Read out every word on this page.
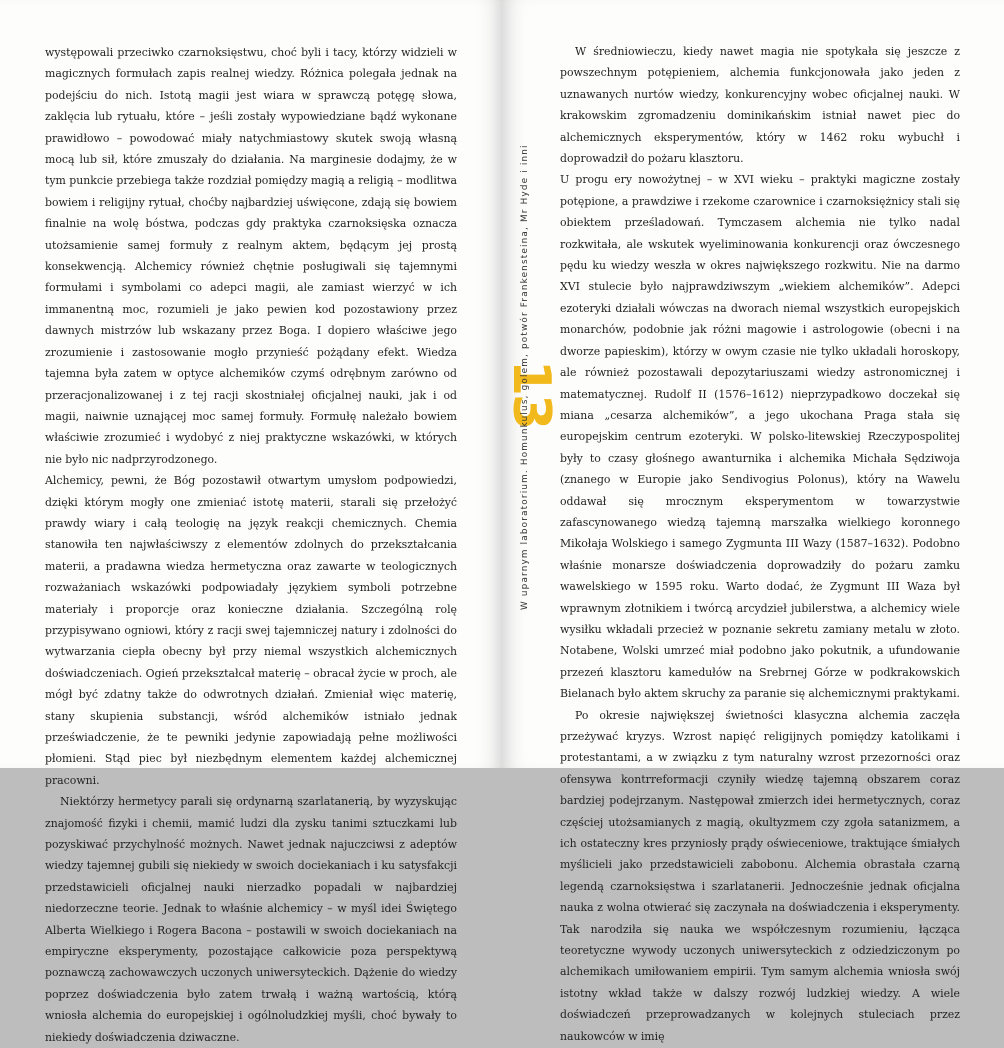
występowali przeciwko czarnoksięstwu, choć byli i tacy, którzy widzieli w magicznych formułach zapis realnej wiedzy. Różnica polegała jednak na podejściu do nich. Istotą magii jest wiara w sprawczą potęgę słowa, zaklęcia lub rytuału, które – jeśli zostały wypowiedziane bądź wykonane prawidłowo – powodować miały natychmiastowy skutek swoją własną mocą lub sił, które zmuszały do działania. Na marginesie dodajmy, że w tym punkcie przebiega także rozdział pomiędzy magią a religią – modlitwa bowiem i religijny rytuał, choćby najbardziej uświęcone, zdają się bowiem finalnie na wolę bóstwa, podczas gdy praktyka czarnoksięska oznacza utożsamienie samej formuły z realnym aktem, będącym jej prostą konsekwencją. Alchemicy również chętnie posługiwali się tajemnymi formułami i symbolami co adepci magii, ale zamiast wierzyć w ich immanentną moc, rozumieli je jako pewien kod pozostawiony przez dawnych mistrzów lub wskazany przez Boga. I dopiero właściwe jego zrozumienie i zastosowanie mogło przynieść pożądany efekt. Wiedza tajemna była zatem w optyce alchemików czymś odrębnym zarówno od przeracjonalizowanej i z tej racji skostniałej oficjalnej nauki, jak i od magii, naiwnie uznającej moc samej formuły. Formułę należało bowiem właściwie zrozumieć i wydobyć z niej praktyczne wskazówki, w których nie było nic nadprzyrodzonego.

Alchemicy, pewni, że Bóg pozostawił otwartym umysłom podpowiedzi, dzięki którym mogły one zmieniać istotę materii, starali się przełożyć prawdy wiary i całą teologię na język reakcji chemicznych. Chemia stanowiła ten najwłaściwszy z elementów zdolnych do przekształcania materii, a pradawna wiedza hermetyczna oraz zawarte w teologicznych rozważaniach wskazówki podpowiadały językiem symboli potrzebne materiały i proporcje oraz konieczne działania. Szczególną rolę przypisywano ogniowi, który z racji swej tajemniczej natury i zdolności do wytwarzania ciepła obecny był przy niemal wszystkich alchemicznych doświadczeniach. Ogień przekształcał materię – obracał życie w proch, ale mógł być zdatny także do odwrotnych działań. Zmieniał więc materię, stany skupienia substancji, wśród alchemików istniało jednak przeświadczenie, że te pewniki jedynie zapowiadają pełne możliwości płomieni. Stąd piec był niezbędnym elementem każdej alchemicznej pracowni.

Niektórzy hermetycy parali się ordynarną szarlatanerią, by wyzyskując znajomość fizyki i chemii, mamić ludzi dla zysku tanimi sztuczkami lub pozyskiwać przychylność możnych. Nawet jednak najuczciwsi z adeptów wiedzy tajemnej gubili się niekiedy w swoich dociekaniach i ku satysfakcji przedstawicieli oficjalnej nauki nierzadko popadali w najbardziej niedorzeczne teorie. Jednak to właśnie alchemicy – w myśl idei Świętego Alberta Wielkiego i Rogera Bacona – postawili w swoich dociekaniach na empiryczne eksperymenty, pozostające całkowicie poza perspektywą poznawczą zachowawczych uczonych uniwersyteckich. Dążenie do wiedzy poprzez doświadczenia było zatem trwałą i ważną wartością, którą wniosła alchemia do europejskiej i ogólnoludzkiej myśli, choć bywały to niekiedy doświadczenia dziwaczne.

W średniowieczu, kiedy nawet magia nie spotykała się jeszcze z powszechnym potępieniem, alchemia funkcjonowała jako jeden z uznawanych nurtów wiedzy, konkurencyjny wobec oficjalnej nauki. W krakowskim zgromadzeniu dominikańskim istniał nawet piec do alchemicznych eksperymentów, który w 1462 roku wybuchł i doprowadził do pożaru klasztoru.

U progu ery nowożytnej – w XVI wieku – praktyki magiczne zostały potępione, a prawdziwe i rzekome czarownice i czarnoksiężnicy stali się obiektem prześladowań. Tymczasem alchemia nie tylko nadal rozkwitała, ale wskutek wyeliminowania konkurencji oraz ówczesnego pędu ku wiedzy weszła w okres największego rozkwitu. Nie na darmo XVI stulecie było najprawdziwszym „wiekiem alchemików”. Adepci ezoteryki działali wówczas na dworach niemal wszystkich europejskich monarchów, podobnie jak różni magowie i astrologowie (obecni i na dworze papieskim), którzy w owym czasie nie tylko układali horoskopy, ale również pozostawali depozytariuszami wiedzy astronomicznej i matematycznej. Rudolf II (1576–1612) nieprzypadkowo doczekał się miana „cesarza alchemików”, a jego ukochana Praga stała się europejskim centrum ezoteryki. W polsko-litewskiej Rzeczypospolitej były to czasy głośnego awanturnika i alchemika Michała Sędziwoja (znanego w Europie jako Sendivogius Polonus), który na Wawelu oddawał się mrocznym eksperymentom w towarzystwie zafascynowanego wiedzą tajemną marszałka wielkiego koronnego Mikołaja Wolskiego i samego Zygmunta III Wazy (1587–1632). Podobno właśnie monarsze doświadczenia doprowadziły do pożaru zamku wawelskiego w 1595 roku. Warto dodać, że Zygmunt III Waza był wprawnym złotnikiem i twórcą arcydzieł jubilerstwa, a alchemicy wiele wysiłku wkładali przecież w poznanie sekretu zamiany metalu w złoto. Notabene, Wolski umrzeć miał podobno jako pokutnik, a ufundowanie przezeń klasztoru kamedułów na Srebrnej Górze w podkrakowskich Bielanach było aktem skruchy za paranie się alchemicznymi praktykami.

Po okresie największej świetności klasyczna alchemia zaczęła przeżywać kryzys. Wzrost napięć religijnych pomiędzy katolikami i protestantami, a w związku z tym naturalny wzrost przezorności oraz ofensywa kontrreformacji czyniły wiedzę tajemną obszarem coraz bardziej podejrzanym. Następował zmierzch idei hermetycznych, coraz częściej utożsamianych z magią, okultyzmem czy zgoła satanizmem, a ich ostateczny kres przyniosły prądy oświeceniowe, traktujące śmiałych myślicieli jako przedstawicieli zabobonu. Alchemia obrastała czarną legendą czarnoksięstwa i szarlatanerii. Jednocześnie jednak oficjalna nauka z wolna otwierać się zaczynała na doświadczenia i eksperymenty. Tak narodziła się nauka we współczesnym rozumieniu, łącząca teoretyczne wywody uczonych uniwersyteckich z odziedziczonym po alchemikach umiłowaniem empirii. Tym samym alchemia wniosła swój istotny wkład także w dalszy rozwój ludzkiej wiedzy. A wiele doświadczeń przeprowadzanych w kolejnych stuleciach przez naukowców w imię

13
W uparnym laboratorium. Homunkulus, golem, potwór Frankensteina, Mr Hyde i inni
